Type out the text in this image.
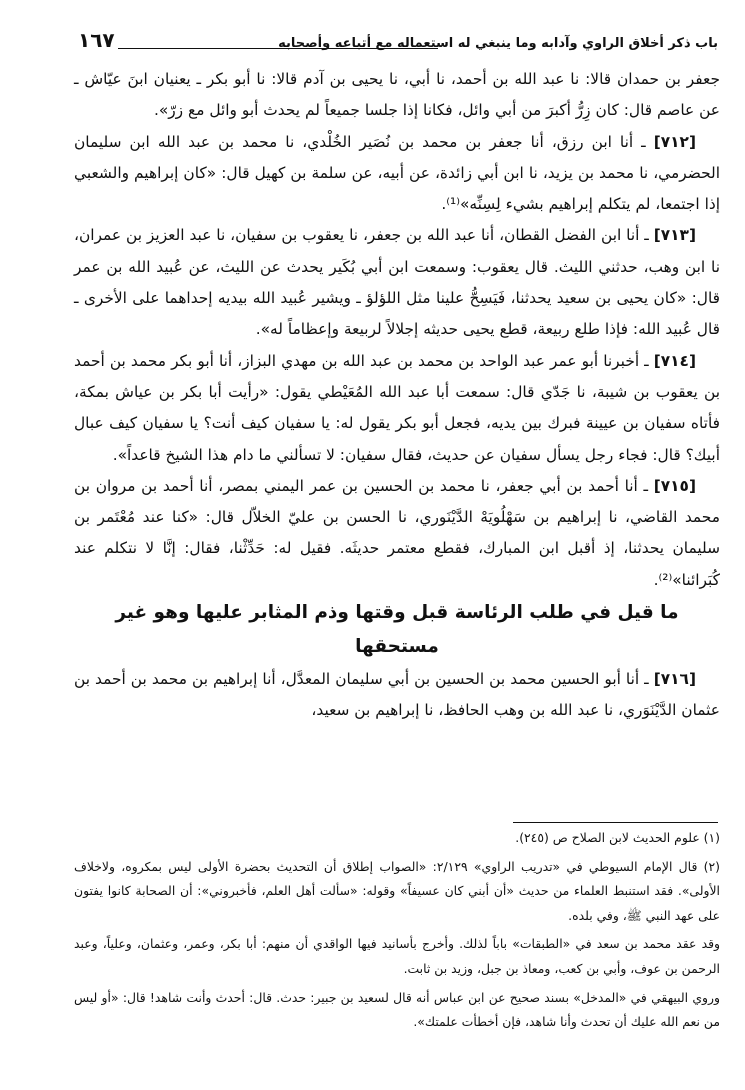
باب ذكر أخلاق الراوي وآدابه وما ينبغي له استعماله مع أتباعه وأصحابه
١٦٧

جعفر بن حمدان قالا: نا عبد الله بن أحمد، نا أبي، نا يحيى بن آدم قالا: نا أبو بكر ـ يعنيان ابنَ عيّاش ـ عن عاصم قال: كان زِرُّ أكبرَ من أبي وائل، فكانا إذا جلسا جميعاً لم يحدث أبو وائل مع زرّ».

[٧١٢] ـ أنا ابن رزق، أنا جعفر بن محمد بن نُصَير الخُلْدي، نا محمد بن عبد الله ابن سليمان الحضرمي، نا محمد بن يزيد، نا ابن أبي زائدة، عن أبيه، عن سلمة بن كهيل قال: «كان إبراهيم والشعبي إذا اجتمعا، لم يتكلم إبراهيم بشيء لِسِنِّه»⁽¹⁾.

[٧١٣] ـ أنا ابن الفضل القطان، أنا عبد الله بن جعفر، نا يعقوب بن سفيان، نا عبد العزيز بن عمران، نا ابن وهب، حدثني الليث. قال يعقوب: وسمعت ابن أبي بُكَير يحدث عن الليث، عن عُبيد الله بن عمر قال: «كان يحيى بن سعيد يحدثنا، فَيَسِحُّ علينا مثل اللؤلؤ ـ ويشير عُبيد الله بيديه إحداهما على الأخرى ـ قال عُبيد الله: فإذا طلع ربيعة، قطع يحيى حديثه إجلالاً لربيعة وإعظاماً له».

[٧١٤] ـ أخبرنا أبو عمر عبد الواحد بن محمد بن عبد الله بن مهدي البزاز، أنا أبو بكر محمد بن أحمد بن يعقوب بن شيبة، نا جَدّي قال: سمعت أبا عبد الله المُعَيْطي يقول: «رأيت أبا بكر بن عياش بمكة، فأتاه سفيان بن عيينة فبرك بين يديه، فجعل أبو بكر يقول له: يا سفيان كيف أنت؟ يا سفيان كيف عبال أبيك؟ قال: فجاء رجل يسأل سفيان عن حديث، فقال سفيان: لا تسألني ما دام هذا الشيخ قاعداً».

[٧١٥] ـ أنا أحمد بن أبي جعفر، نا محمد بن الحسين بن عمر اليمني بمصر، أنا أحمد بن مروان بن محمد القاضي، نا إبراهيم بن سَهْلُويَهْ الدَّيْنَوري، نا الحسن بن عليّ الخلاّل قال: «كنا عند مُعْتَمر بن سليمان يحدثنا، إذ أقبل ابن المبارك، فقطع معتمر حديثَه. فقيل له: حَدِّثْنا، فقال: إنَّا لا نتكلم عند كُبَرائنا»⁽²⁾.

ما قيل في طلب الرئاسة قبل وقتها وذم المثابر عليها وهو غير مستحقها

[٧١٦] ـ أنا أبو الحسين محمد بن الحسين بن أبي سليمان المعدَّل، أنا إبراهيم بن محمد بن أحمد بن عثمان الدَّيْنَوَري، نا عبد الله بن وهب الحافظ، نا إبراهيم بن سعيد،

(١) علوم الحديث لابن الصلاح ص (٢٤٥).

(٢) قال الإمام السيوطي في «تدريب الراوي» ٢/١٢٩: «الصواب إطلاق أن التحديث بحضرة الأولى ليس بمكروه، ولاخلاف الأولى». فقد استنبط العلماء من حديث «أن أبني كان عسيفاً» وقوله: «سألت أهل العلم، فأخبروني»: أن الصحابة كانوا يفتون على عهد النبي ﷺ، وفي بلده.

وقد عقد محمد بن سعد في «الطبقات» باباً لذلك. وأخرج بأسانيد فيها الواقدي أن منهم: أبا بكر، وعمر، وعثمان، وعلياً، وعبد الرحمن بن عوف، وأبي بن كعب، ومعاذ بن جبل، وزيد بن ثابت.

وروي البيهقي في «المدخل» بسند صحيح عن ابن عباس أنه قال لسعيد بن جبير: حدث. قال: أحدث وأنت شاهد! قال: «أو ليس من نعم الله عليك أن تحدث وأنا شاهد، فإن أخطأت علمتك».
